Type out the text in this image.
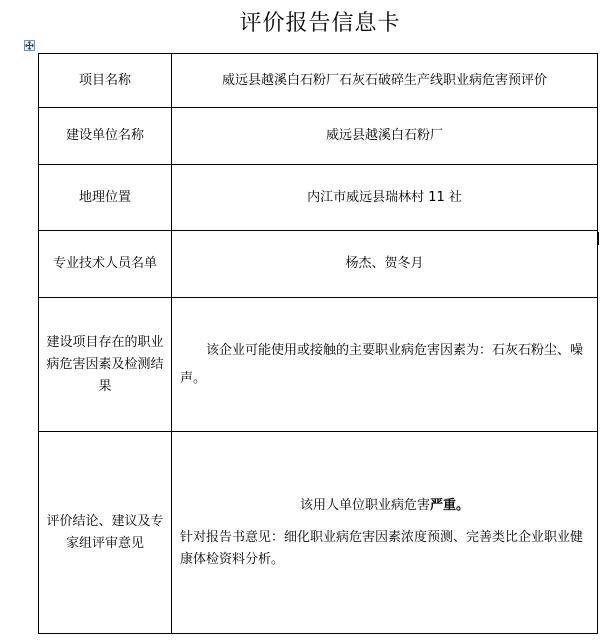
评价报告信息卡
项目名称	威远县越溪白石粉厂石灰石破碎生产线职业病危害预评价
建设单位名称	威远县越溪白石粉厂
地理位置	内江市威远县瑞林村 11 社
专业技术人员名单	杨杰、贺冬月
建设项目存在的职业病危害因素及检测结果	该企业可能使用或接触的主要职业病危害因素为：石灰石粉尘、噪声。

评价结论、建议及专家组评审意见	该用人单位职业病危害严重。
针对报告书意见：细化职业病危害因素浓度预测、完善类比企业职业健康体检资料分析。
